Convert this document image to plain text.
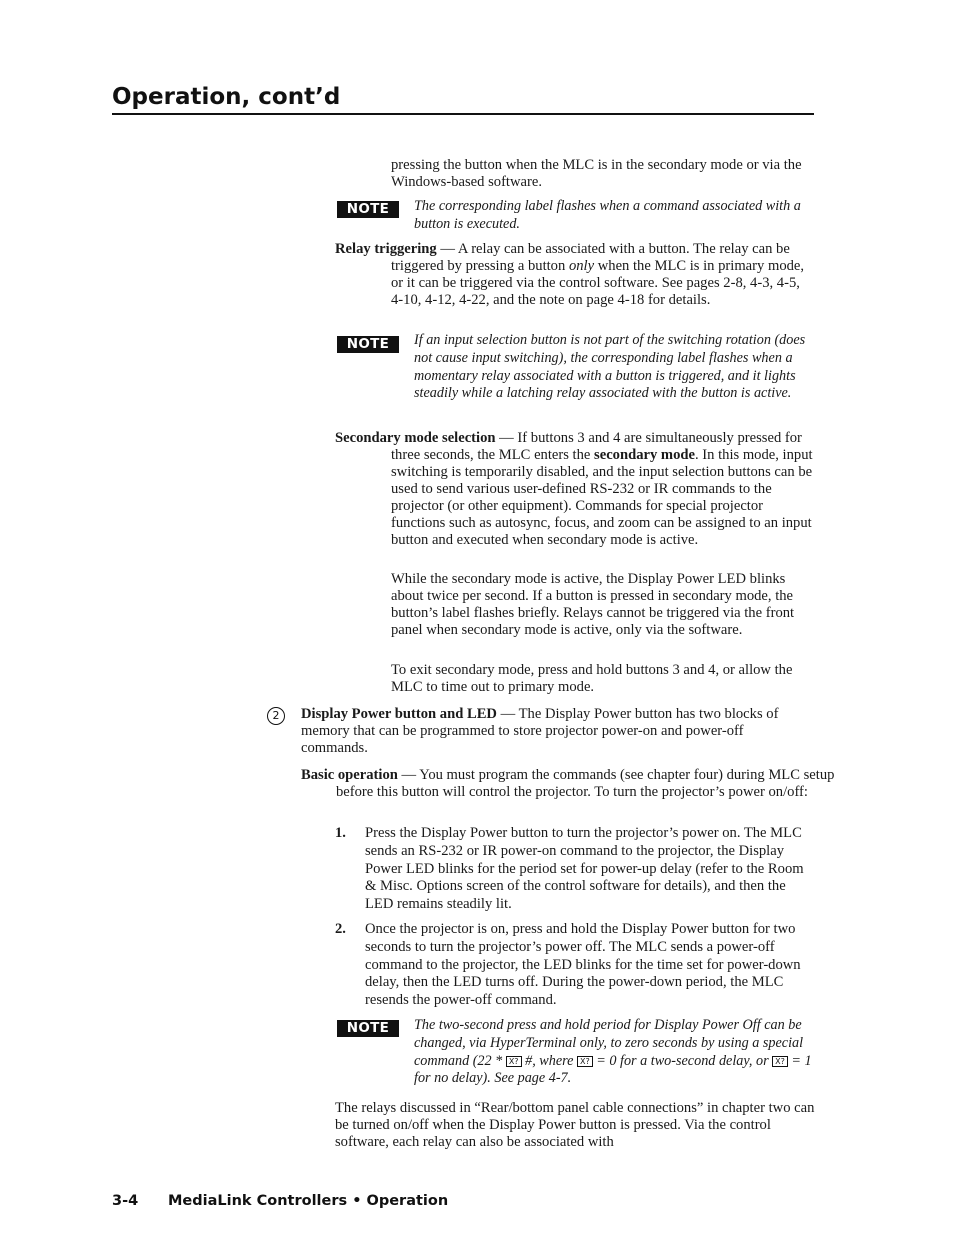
Operation, cont’d

pressing the button when the MLC is in the secondary mode or via the Windows-based software.

NOTE	The corresponding label flashes when a command associated with a button is executed.

Relay triggering — A relay can be associated with a button. The relay can be triggered by pressing a button only when the MLC is in primary mode, or it can be triggered via the control software. See pages 2-8, 4-3, 4-5, 4-10, 4-12, 4-22, and the note on page 4-18 for details.

NOTE	If an input selection button is not part of the switching rotation (does not cause input switching), the corresponding label flashes when a momentary relay associated with a button is triggered, and it lights steadily while a latching relay associated with the button is active.

Secondary mode selection — If buttons 3 and 4 are simultaneously pressed for three seconds, the MLC enters the secondary mode. In this mode, input switching is temporarily disabled, and the input selection buttons can be used to send various user-defined RS-232 or IR commands to the projector (or other equipment). Commands for special projector functions such as autosync, focus, and zoom can be assigned to an input button and executed when secondary mode is active.

While the secondary mode is active, the Display Power LED blinks about twice per second. If a button is pressed in secondary mode, the button’s label flashes briefly. Relays cannot be triggered via the front panel when secondary mode is active, only via the software.

To exit secondary mode, press and hold buttons 3 and 4, or allow the MLC to time out to primary mode.

2	Display Power button and LED — The Display Power button has two blocks of memory that can be programmed to store projector power-on and power-off commands.

Basic operation — You must program the commands (see chapter four) during MLC setup before this button will control the projector. To turn the projector’s power on/off:

1. Press the Display Power button to turn the projector’s power on. The MLC sends an RS-232 or IR power-on command to the projector, the Display Power LED blinks for the period set for power-up delay (refer to the Room & Misc. Options screen of the control software for details), and then the LED remains steadily lit.

2. Once the projector is on, press and hold the Display Power button for two seconds to turn the projector’s power off. The MLC sends a power-off command to the projector, the LED blinks for the time set for power-down delay, then the LED turns off. During the power-down period, the MLC resends the power-off command.

NOTE	The two-second press and hold period for Display Power Off can be changed, via HyperTerminal only, to zero seconds by using a special command (22 * X? #, where X? = 0 for a two-second delay, or X? = 1 for no delay). See page 4-7.

The relays discussed in “Rear/bottom panel cable connections” in chapter two can be turned on/off when the Display Power button is pressed. Via the control software, each relay can also be associated with

3-4 MediaLink Controllers • Operation
